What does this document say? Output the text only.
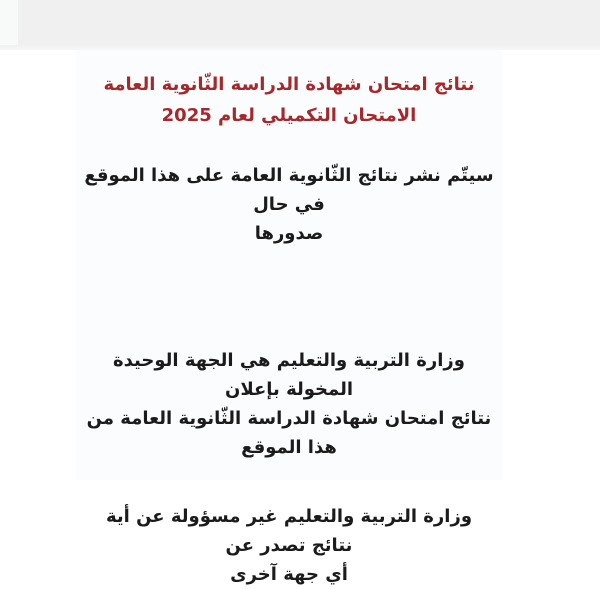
نتائج امتحان شهادة الدراسة الثّانوية العامة
الامتحان التكميلي لعام 2025

سيتّم نشر نتائج الثّانوية العامة على هذا الموقع في حال
صدورها

وزارة التربية والتعليم هي الجهة الوحيدة المخولة بإعلان
نتائج امتحان شهادة الدراسة الثّانوية العامة من هذا الموقع

وزارة التربية والتعليم غير مسؤولة عن أية نتائج تصدر عن
أي جهة آخرى
